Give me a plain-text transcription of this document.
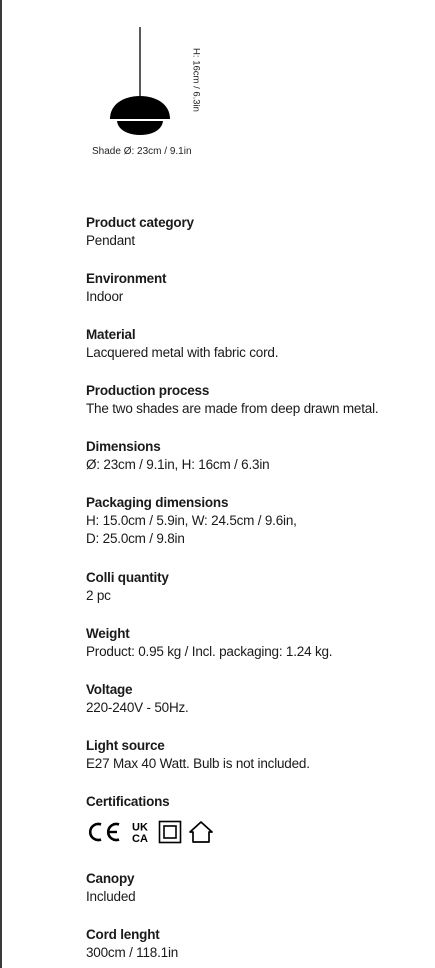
H: 16cm / 6.3in
Shade Ø: 23cm / 9.1in
Product category
Pendant
Environment
Indoor
Material
Lacquered metal with fabric cord.
Production process
The two shades are made from deep drawn metal.
Dimensions
Ø: 23cm / 9.1in, H: 16cm / 6.3in
Packaging dimensions
H: 15.0cm / 5.9in, W: 24.5cm / 9.6in,
D: 25.0cm / 9.8in
Colli quantity
2 pc
Weight
Product: 0.95 kg / Incl. packaging: 1.24 kg.
Voltage
220-240V - 50Hz.
Light source
E27 Max 40 Watt. Bulb is not included.
Certifications
UK
CA
Canopy
Included
Cord lenght
300cm / 118.1in
